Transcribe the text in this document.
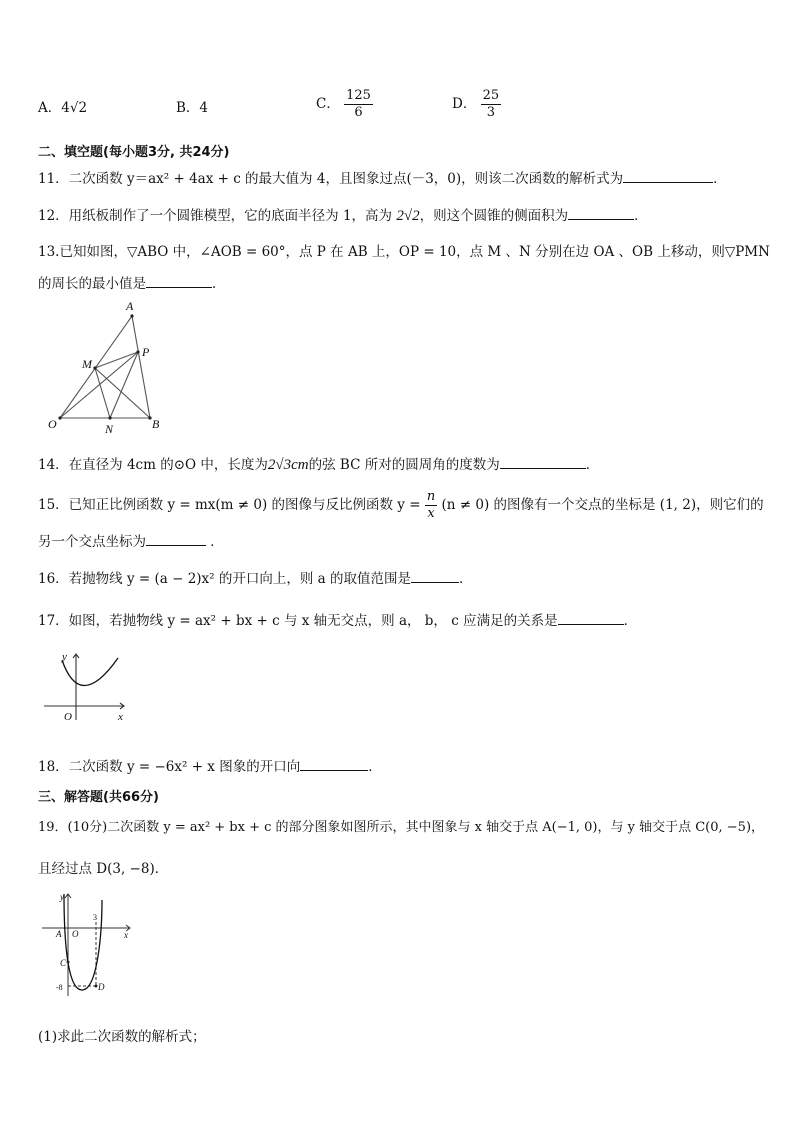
A．4√2	B．4	C． $\frac{125}{6}$	D． $\frac{25}{3}$
二、填空题(每小题3分, 共24分)
11．二次函数 y＝ax² + 4ax + c 的最大值为 4，且图象过点(－3，0)，则该二次函数的解析式为	．
12．用纸板制作了一个圆锥模型，它的底面半径为 1，高为 2√2，则这个圆锥的侧面积为	．
13.已知如图，▽ABO 中，∠AOB = 60°，点 P 在 AB 上，OP = 10，点 M 、N 分别在边 OA 、OB 上移动，则▽PMN
的周长的最小值是	．
A
M
P
O	N	B
14．在直径为 4cm 的⊙O 中，长度为2√3cm的弦 BC 所对的圆周角的度数为	．
15．已知正比例函数 y = mx(m ≠ 0) 的图像与反比例函数 $y = \frac{n}{x} (n \ne 0)$ 的图像有一个交点的坐标是 (1, 2)，则它们的
另一个交点坐标为	．
16．若抛物线 y = (a − 2)x² 的开口向上，则 a 的取值范围是	．
17．如图，若抛物线 y = ax² + bx + c 与 x 轴无交点，则 a， b， c 应满足的关系是	．
y
x
O
18．二次函数 y = −6x² + x 图象的开口向	．
三、解答题(共66分)
19．(10分)二次函数 y = ax² + bx + c 的部分图象如图所示，其中图象与 x 轴交于点 A(−1, 0)，与 y 轴交于点 C(0, −5)，
且经过点 D(3, −8)．
y
x
A O
C
D
3
-8
(1)求此二次函数的解析式；
